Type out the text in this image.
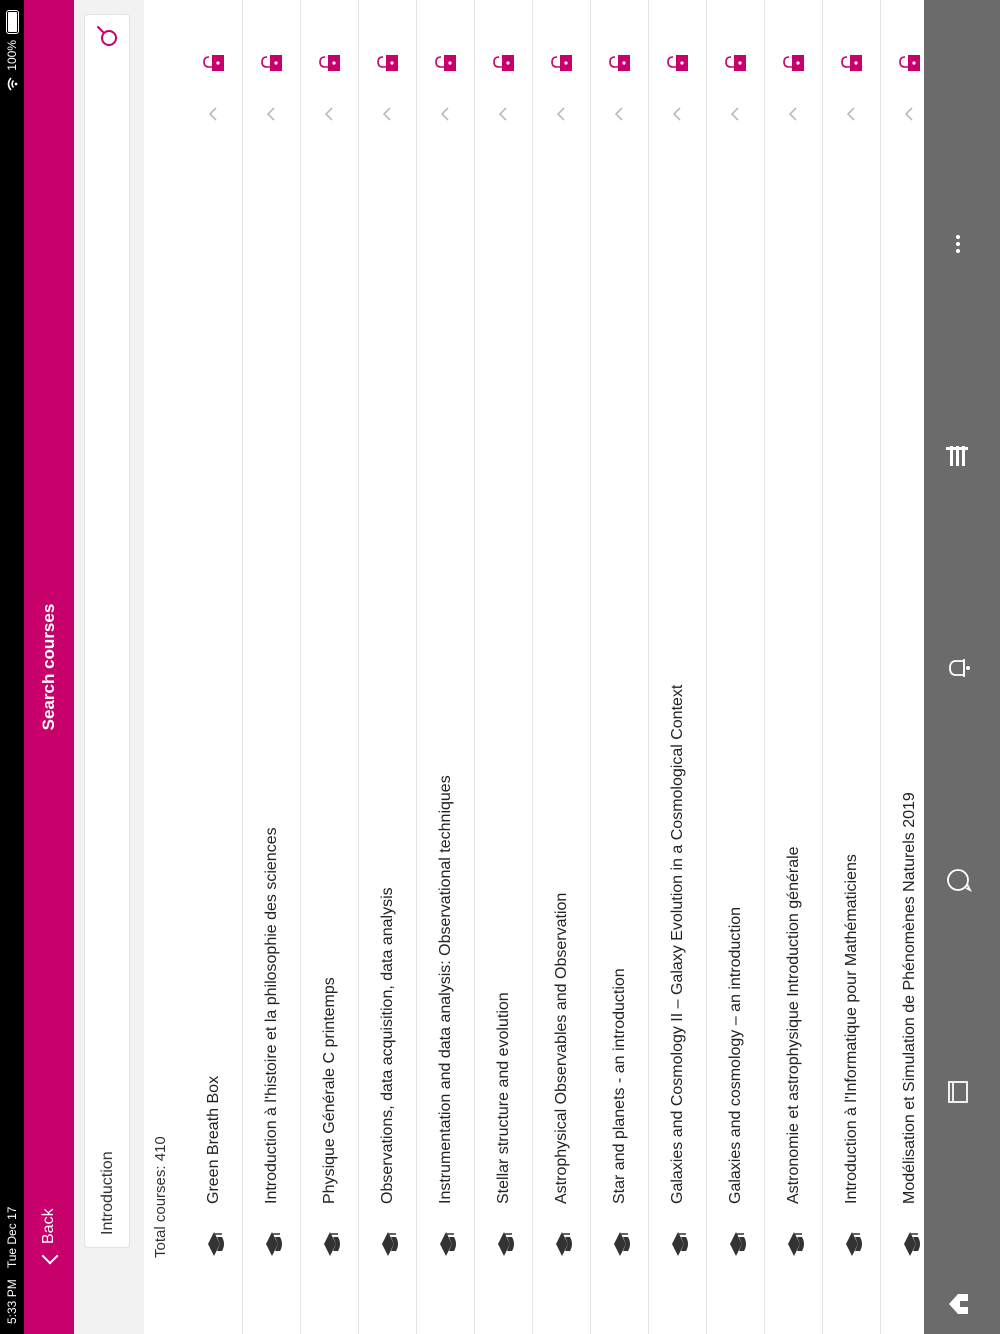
5:33 PM Tue Dec 17
100%
Back
Search courses
Introduction
Total courses: 410	Green Breath Box	Introduction à l'histoire et la philosophie des sciences	Physique Générale C printemps	Observations, data acquisition, data analysis	Instrumentation and data analysis: Observational techniques	Stellar structure and evolution	Astrophysical Observables and Observation	Star and planets - an introduction	Galaxies and Cosmology II – Galaxy Evolution in a Cosmological Context	Galaxies and cosmology – an introduction	Astronomie et astrophysique Introduction générale	Introduction à l'Informatique pour Mathématiciens	Modélisation et Simulation de Phénomènes Naturels 2019
